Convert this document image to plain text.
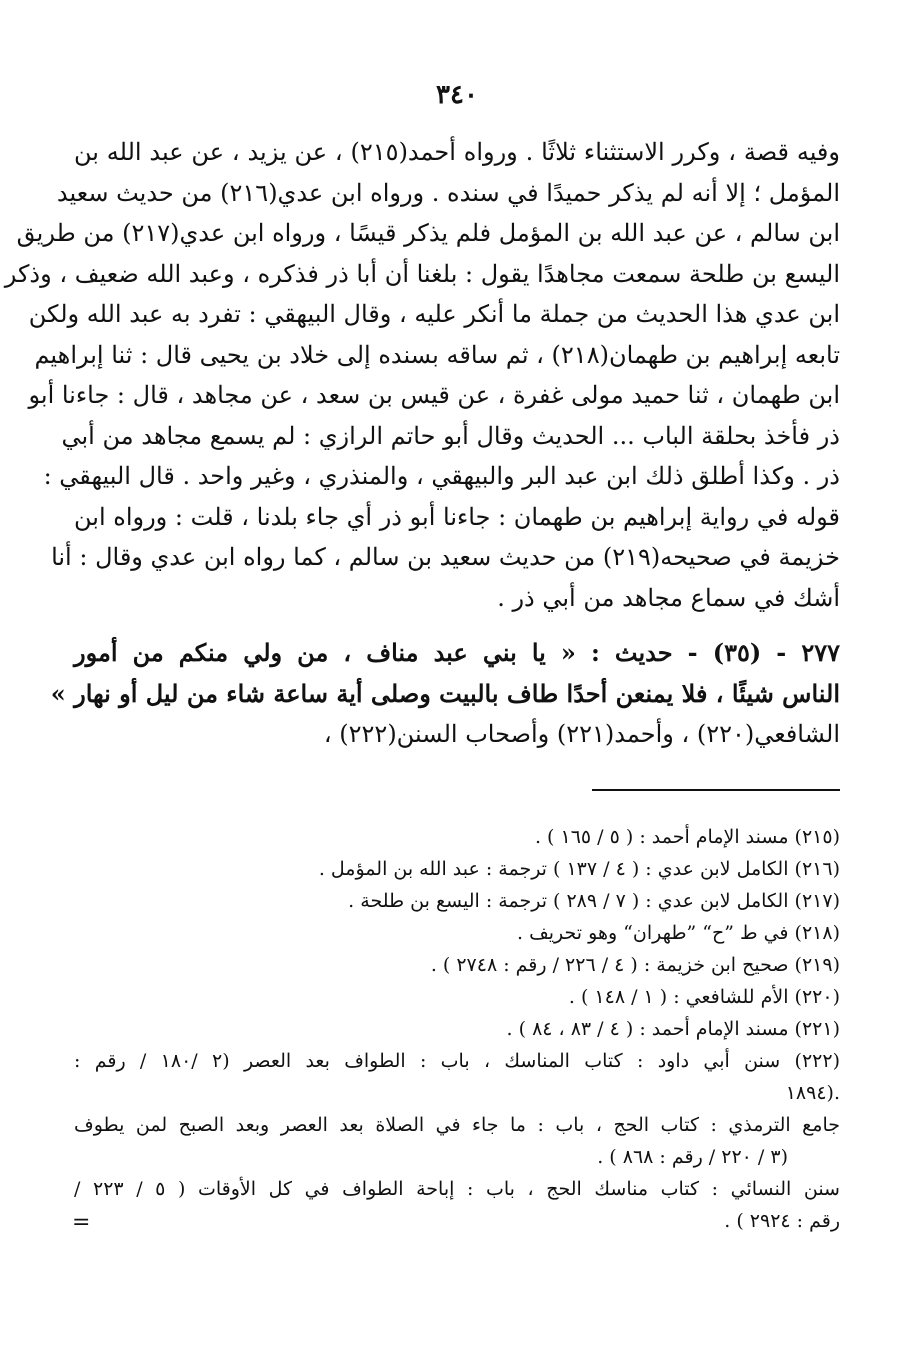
٣٤٠
وفيه قصة ، وكرر الاستثناء ثلاثًا . ورواه أحمد(٢١٥) ، عن يزيد ، عن عبد الله بن
المؤمل ؛ إلا أنه لم يذكر حميدًا في سنده . ورواه ابن عدي(٢١٦) من حديث سعيد
ابن سالم ، عن عبد الله بن المؤمل فلم يذكر قيسًا ، ورواه ابن عدي(٢١٧) من طريق
اليسع بن طلحة سمعت مجاهدًا يقول : بلغنا أن أبا ذر فذكره ، وعبد الله ضعيف ، وذكر
ابن عدي هذا الحديث من جملة ما أنكر عليه ، وقال البيهقي : تفرد به عبد الله ولكن
تابعه إبراهيم بن طهمان(٢١٨) ، ثم ساقه بسنده إلى خلاد بن يحيى قال : ثنا إبراهيم
ابن طهمان ، ثنا حميد مولى غفرة ، عن قيس بن سعد ، عن مجاهد ، قال : جاءنا أبو
ذر فأخذ بحلقة الباب ... الحديث وقال أبو حاتم الرازي : لم يسمع مجاهد من أبي
ذر . وكذا أطلق ذلك ابن عبد البر والبيهقي ، والمنذري ، وغير واحد . قال البيهقي :
قوله في رواية إبراهيم بن طهمان : جاءنا أبو ذر أي جاء بلدنا ، قلت : ورواه ابن
خزيمة في صحيحه(٢١٩) من حديث سعيد بن سالم ، كما رواه ابن عدي وقال : أنا
أشك في سماع مجاهد من أبي ذر .
٢٧٧ - (٣٥) - حديث : « يا بني عبد مناف ، من ولي منكم من أمور
الناس شيئًا ، فلا يمنعن أحدًا طاف بالبيت وصلى أية ساعة شاء من ليل أو نهار »
الشافعي(٢٢٠) ، وأحمد(٢٢١) وأصحاب السنن(٢٢٢) ،
(٢١٥) مسند الإمام أحمد : ( ٥ / ١٦٥ ) .
(٢١٦) الكامل لابن عدي : ( ٤ / ١٣٧ ) ترجمة : عبد الله بن المؤمل .
(٢١٧) الكامل لابن عدي : ( ٧ / ٢٨٩ ) ترجمة : اليسع بن طلحة .
(٢١٨) في ط ”ح“ ”طهران“ وهو تحريف .
(٢١٩) صحيح ابن خزيمة : ( ٤ / ٢٢٦ / رقم : ٢٧٤٨ ) .
(٢٢٠) الأم للشافعي : ( ١ / ١٤٨ ) .
(٢٢١) مسند الإمام أحمد : ( ٤ / ٨٣ ، ٨٤ ) .
(٢٢٢) سنن أبي داود : كتاب المناسك ، باب : الطواف بعد العصر (٢ /١٨٠ / رقم :
.(١٨٩٤
جامع الترمذي : كتاب الحج ، باب : ما جاء في الصلاة بعد العصر وبعد الصبح لمن يطوف
(٣ / ٢٢٠ / رقم : ٨٦٨ ) .
سنن النسائي : كتاب مناسك الحج ، باب : إباحة الطواف في كل الأوقات ( ٥ / ٢٢٣ /
رقم : ٢٩٢٤ ) .
=
